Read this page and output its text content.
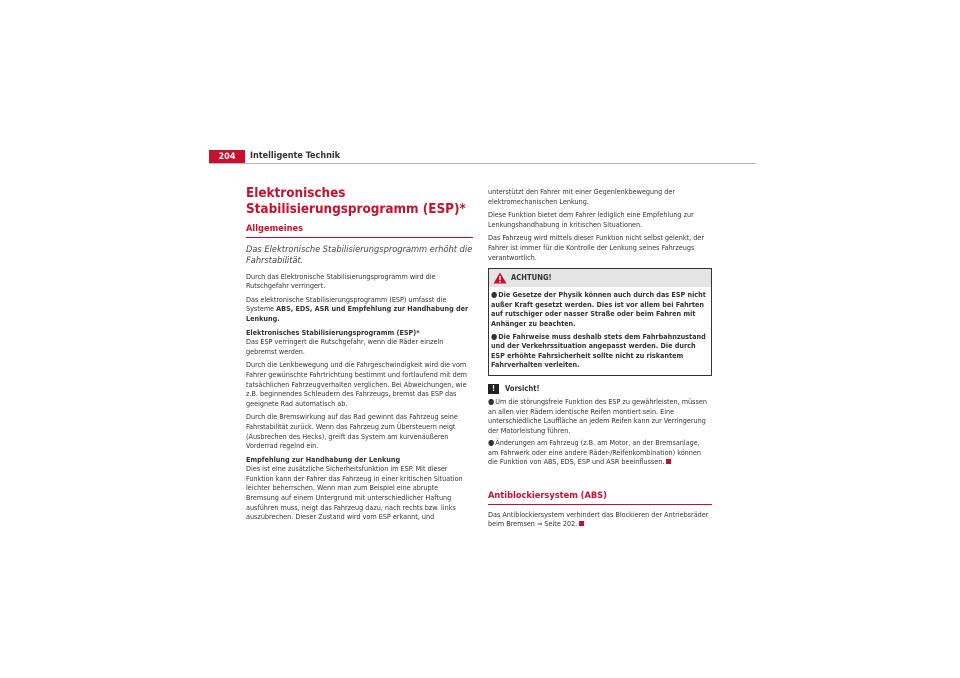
204	Intelligente Technik
Elektronisches Stabilisierungsprogramm (ESP)*
Allgemeines
Das Elektronische Stabilisierungsprogramm erhöht die Fahrstabilität.

Durch das Elektronische Stabilisierungsprogramm wird die Rutschgefahr verringert.

Das elektronische Stabilisierungsprogramm (ESP) umfasst die Systeme ABS, EDS, ASR und Empfehlung zur Handhabung der Lenkung.

Elektronisches Stabilisierungsprogramm (ESP)*

Das ESP verringert die Rutschgefahr, wenn die Räder einzeln gebremst werden.

Durch die Lenkbewegung und die Fahrgeschwindigkeit wird die vom Fahrer gewünschte Fahrtrichtung bestimmt und fortlaufend mit dem tatsächlichen Fahrzeugverhalten verglichen. Bei Abweichungen, wie z.B. beginnendes Schleudern des Fahrzeugs, bremst das ESP das geeignete Rad automatisch ab.

Durch die Bremswirkung auf das Rad gewinnt das Fahrzeug seine Fahrstabilität zurück. Wenn das Fahrzeug zum Übersteuern neigt (Ausbrechen des Hecks), greift das System am kurvenäußeren Vorderrad regelnd ein.

Empfehlung zur Handhabung der Lenkung

Dies ist eine zusätzliche Sicherheitsfunktion im ESP. Mit dieser Funktion kann der Fahrer das Fahrzeug in einer kritischen Situation leichter beherrschen. Wenn man zum Beispiel eine abrupte Bremsung auf einem Untergrund mit unterschiedlicher Haftung ausführen muss, neigt das Fahrzeug dazu, nach rechts bzw. links auszubrechen. Dieser Zustand wird vom ESP erkannt, und

unterstützt den Fahrer mit einer Gegenlenkbewegung der elektromechanischen Lenkung.

Diese Funktion bietet dem Fahrer lediglich eine Empfehlung zur Lenkungshandhabung in kritischen Situationen.

Das Fahrzeug wird mittels dieser Funktion nicht selbst gelenkt, der Fahrer ist immer für die Kontrolle der Lenkung seines Fahrzeugs verantwortlich.

ACHTUNG!
●Die Gesetze der Physik können auch durch das ESP nicht außer Kraft gesetzt werden. Dies ist vor allem bei Fahrten auf rutschiger oder nasser Straße oder beim Fahren mit Anhänger zu beachten.
●Die Fahrweise muss deshalb stets dem Fahrbahnzustand und der Verkehrssituation angepasst werden. Die durch ESP erhöhte Fahrsicherheit sollte nicht zu riskantem Fahrverhalten verleiten.
!	Vorsicht!
●Um die störungsfreie Funktion des ESP zu gewährleisten, müssen an allen vier Rädern identische Reifen montiert sein. Eine unterschiedliche Lauffläche an jedem Reifen kann zur Verringerung der Motorleistung führen.
●Änderungen am Fahrzeug (z.B. am Motor, an der Bremsanlage, am Fahrwerk oder eine andere Räder-/Reifenkombination) können die Funktion von ABS, EDS, ESP und ASR beeinflussen.
Antiblockiersystem (ABS)

Das Antiblockiersystem verhindert das Blockieren der Antriebsräder beim Bremsen ⇒ Seite 202.
